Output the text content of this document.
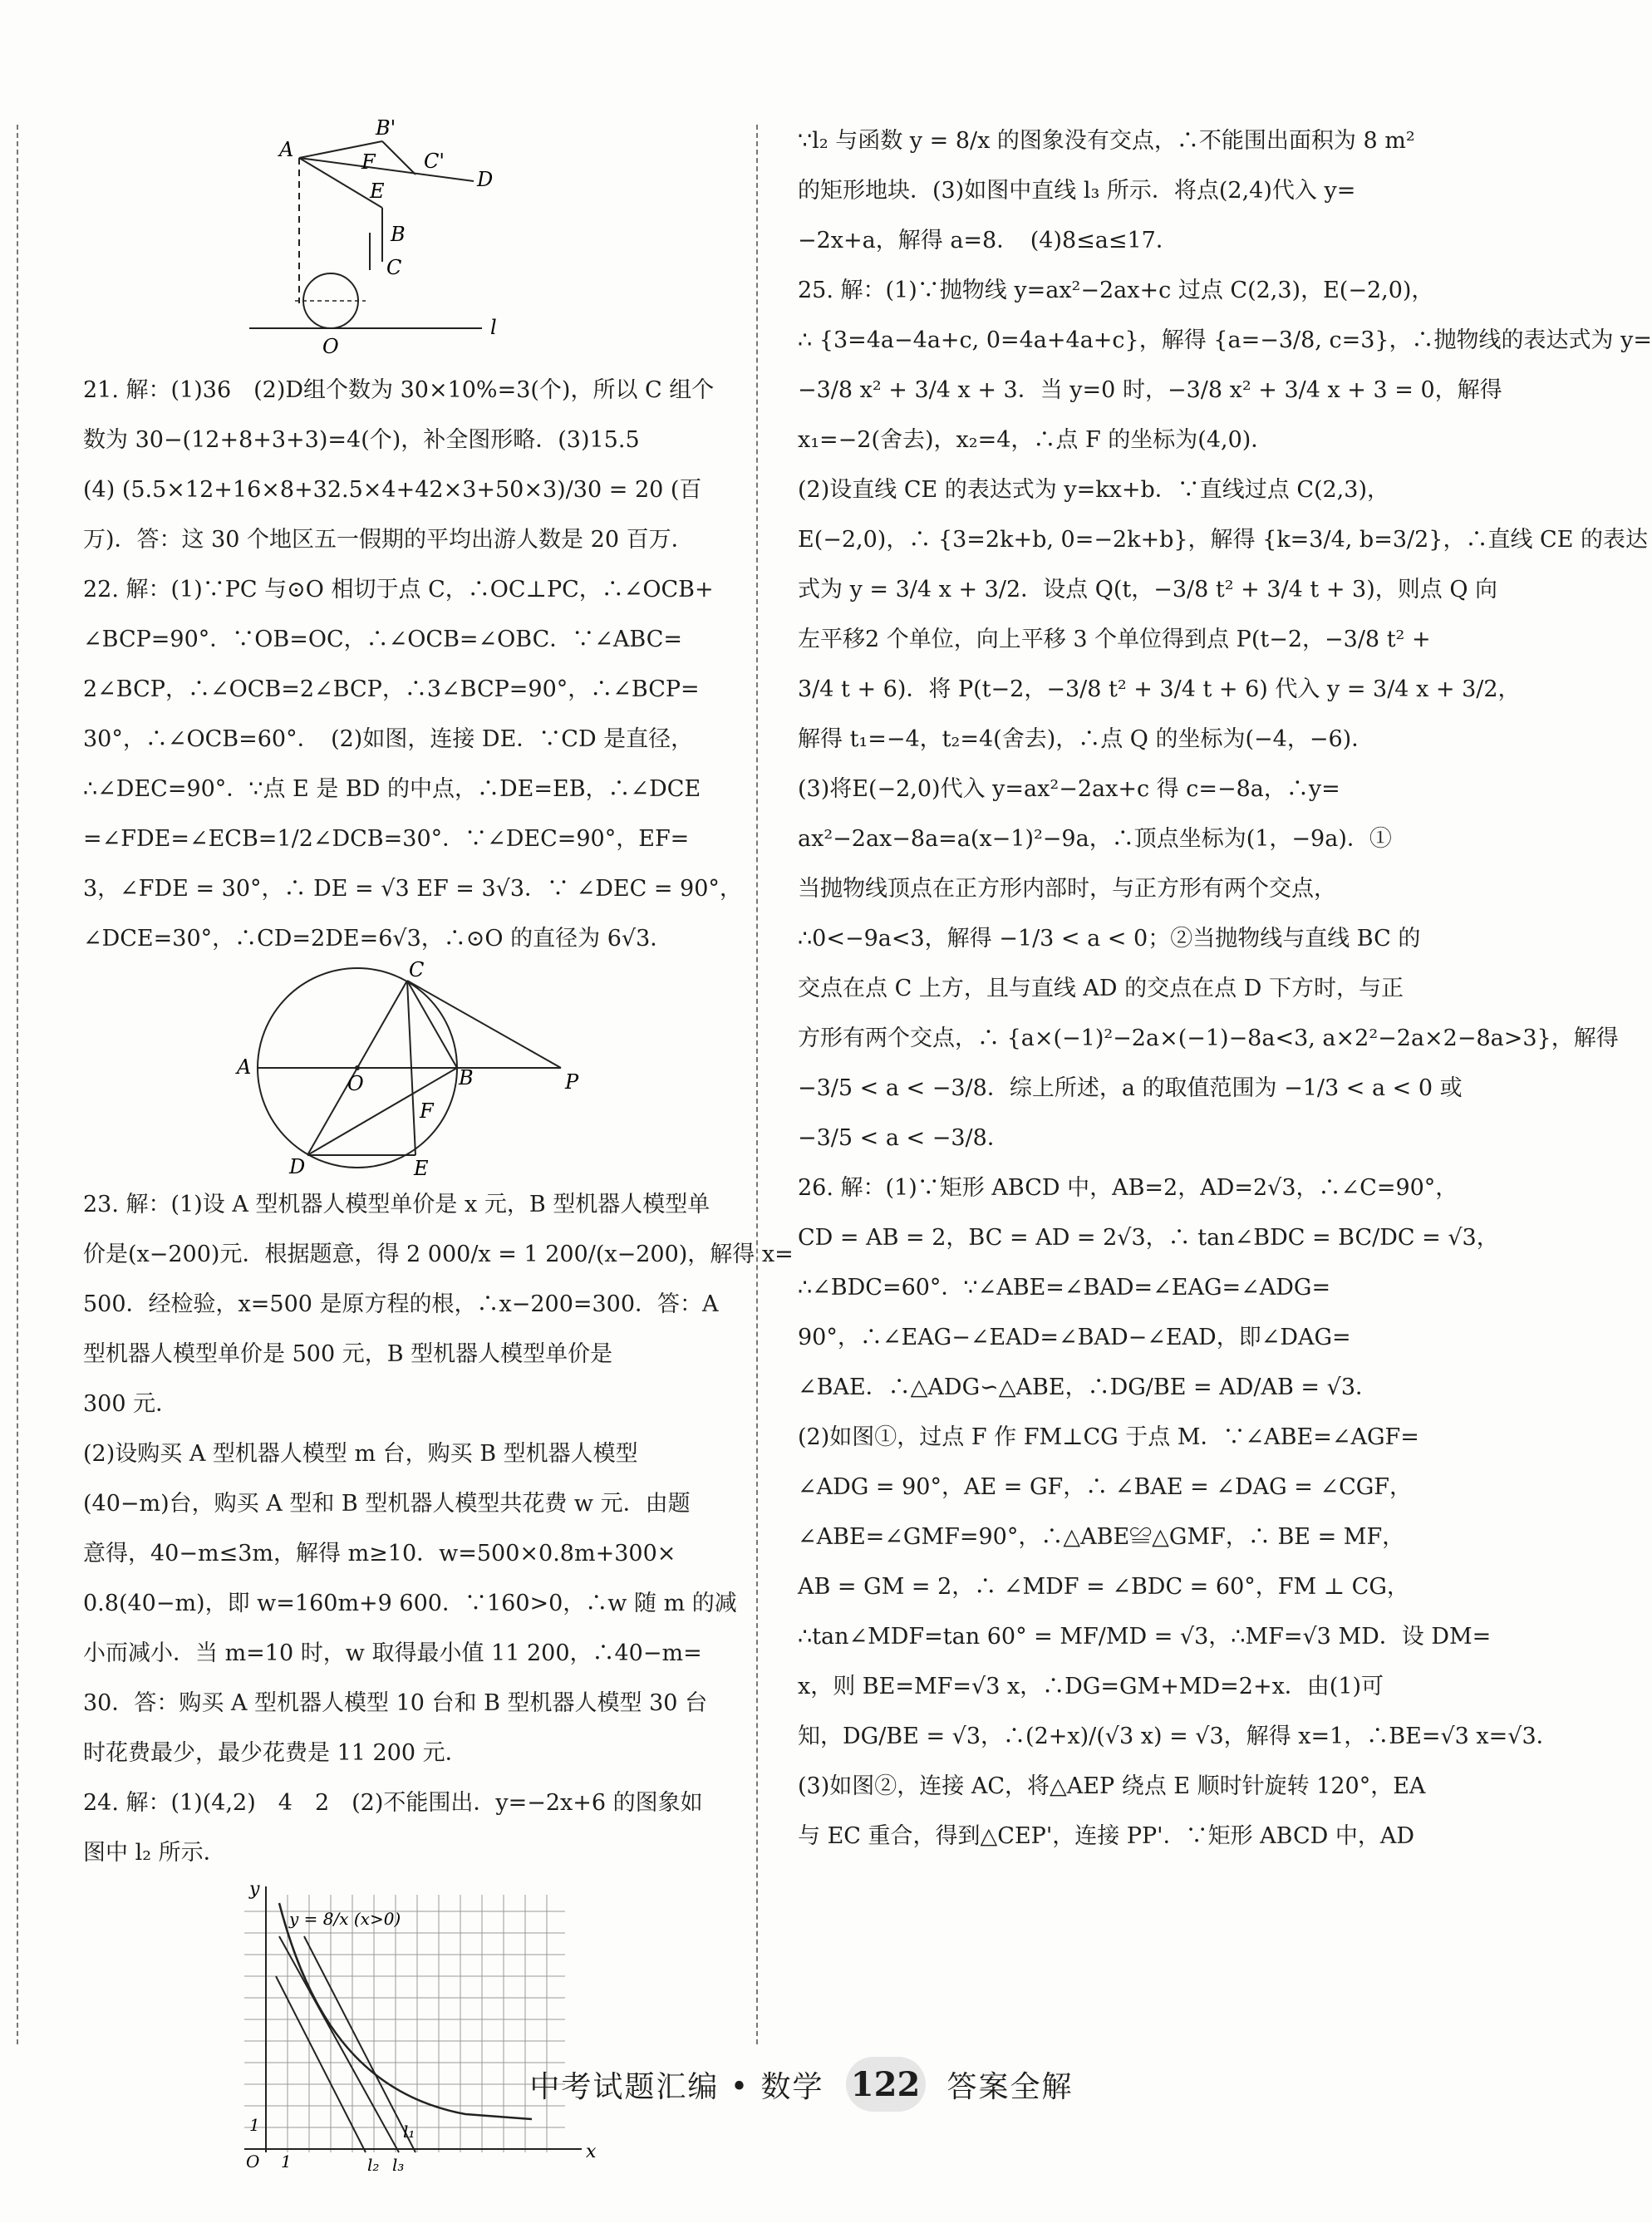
B'
A
F C'
D
E
B
C
O
l
21. 解：(1)36　(2)D组个数为 30×10%=3(个)，所以 C 组个
数为 30−(12+8+3+3)=4(个)，补全图形略．(3)15.5
(4) (5.5×12+16×8+32.5×4+42×3+50×3)/30 = 20 (百
万)．答：这 30 个地区五一假期的平均出游人数是 20 百万．
22. 解：(1)∵PC 与⊙O 相切于点 C，∴OC⊥PC，∴∠OCB+
∠BCP=90°．∵OB=OC，∴∠OCB=∠OBC．∵∠ABC=
2∠BCP，∴∠OCB=2∠BCP，∴3∠BCP=90°，∴∠BCP=
30°，∴∠OCB=60°．　(2)如图，连接 DE．∵CD 是直径，
∴∠DEC=90°．∵点 E 是 BD 的中点，∴DE=EB，∴∠DCE
=∠FDE=∠ECB=1/2∠DCB=30°．∵∠DEC=90°，EF=
3，∠FDE = 30°，∴ DE = √3 EF = 3√3．∵ ∠DEC = 90°，
∠DCE=30°，∴CD=2DE=6√3，∴⊙O 的直径为 6√3．
C
A
O	B	P
F
D	E
23. 解：(1)设 A 型机器人模型单价是 x 元，B 型机器人模型单
价是(x−200)元．根据题意，得 2 000/x = 1 200/(x−200)，解得 x=
500．经检验，x=500 是原方程的根，∴x−200=300．答：A
型机器人模型单价是 500 元，B 型机器人模型单价是
300 元．
(2)设购买 A 型机器人模型 m 台，购买 B 型机器人模型
(40−m)台，购买 A 型和 B 型机器人模型共花费 w 元．由题
意得，40−m≤3m，解得 m≥10．w=500×0.8m+300×
0.8(40−m)，即 w=160m+9 600．∵160>0，∴w 随 m 的减
小而减小．当 m=10 时，w 取得最小值 11 200，∴40−m=
30．答：购买 A 型机器人模型 10 台和 B 型机器人模型 30 台
时花费最少，最少花费是 11 200 元．
24. 解：(1)(4,2)　4　2　(2)不能围出．y=−2x+6 的图象如
图中 l₂ 所示．
y
y = 8/x (x>0)
1
O 1
l₁
l₂ l₃
x
∵l₂ 与函数 y = 8/x 的图象没有交点，∴不能围出面积为 8 m²
的矩形地块．(3)如图中直线 l₃ 所示．将点(2,4)代入 y=
−2x+a，解得 a=8．　(4)8≤a≤17．
25. 解：(1)∵抛物线 y=ax²−2ax+c 过点 C(2,3)，E(−2,0)，
∴ {3=4a−4a+c, 0=4a+4a+c}，解得 {a=−3/8, c=3}，∴抛物线的表达式为 y=
−3/8 x² + 3/4 x + 3．当 y=0 时，−3/8 x² + 3/4 x + 3 = 0，解得
x₁=−2(舍去)，x₂=4，∴点 F 的坐标为(4,0)．
(2)设直线 CE 的表达式为 y=kx+b．∵直线过点 C(2,3)，
E(−2,0)，∴ {3=2k+b, 0=−2k+b}，解得 {k=3/4, b=3/2}，∴直线 CE 的表达
式为 y = 3/4 x + 3/2．设点 Q(t，−3/8 t² + 3/4 t + 3)，则点 Q 向
左平移2 个单位，向上平移 3 个单位得到点 P(t−2，−3/8 t² +
3/4 t + 6)．将 P(t−2，−3/8 t² + 3/4 t + 6) 代入 y = 3/4 x + 3/2，
解得 t₁=−4，t₂=4(舍去)，∴点 Q 的坐标为(−4，−6)．
(3)将E(−2,0)代入 y=ax²−2ax+c 得 c=−8a，∴y=
ax²−2ax−8a=a(x−1)²−9a，∴顶点坐标为(1，−9a)．①
当抛物线顶点在正方形内部时，与正方形有两个交点，
∴0<−9a<3，解得 −1/3 < a < 0；②当抛物线与直线 BC 的
交点在点 C 上方，且与直线 AD 的交点在点 D 下方时，与正
方形有两个交点，∴ {a×(−1)²−2a×(−1)−8a<3, a×2²−2a×2−8a>3}，解得
−3/5 < a < −3/8．综上所述，a 的取值范围为 −1/3 < a < 0 或
−3/5 < a < −3/8．
26. 解：(1)∵矩形 ABCD 中，AB=2，AD=2√3，∴∠C=90°，
CD = AB = 2，BC = AD = 2√3，∴ tan∠BDC = BC/DC = √3，
∴∠BDC=60°．∵∠ABE=∠BAD=∠EAG=∠ADG=
90°，∴∠EAG−∠EAD=∠BAD−∠EAD，即∠DAG=
∠BAE．∴△ADG∽△ABE，∴DG/BE = AD/AB = √3．
(2)如图①，过点 F 作 FM⊥CG 于点 M．∵∠ABE=∠AGF=
∠ADG = 90°，AE = GF，∴ ∠BAE = ∠DAG = ∠CGF，
∠ABE=∠GMF=90°，∴△ABE≌△GMF，∴ BE = MF，
AB = GM = 2，∴ ∠MDF = ∠BDC = 60°，FM ⊥ CG，
∴tan∠MDF=tan 60° = MF/MD = √3，∴MF=√3 MD．设 DM=
x，则 BE=MF=√3 x，∴DG=GM+MD=2+x．由(1)可
知，DG/BE = √3，∴(2+x)/(√3 x) = √3，解得 x=1，∴BE=√3 x=√3．
(3)如图②，连接 AC，将△AEP 绕点 E 顺时针旋转 120°，EA
与 EC 重合，得到△CEP'，连接 PP'．∵矩形 ABCD 中，AD
中考试题汇编 • 数学 122 答案全解
